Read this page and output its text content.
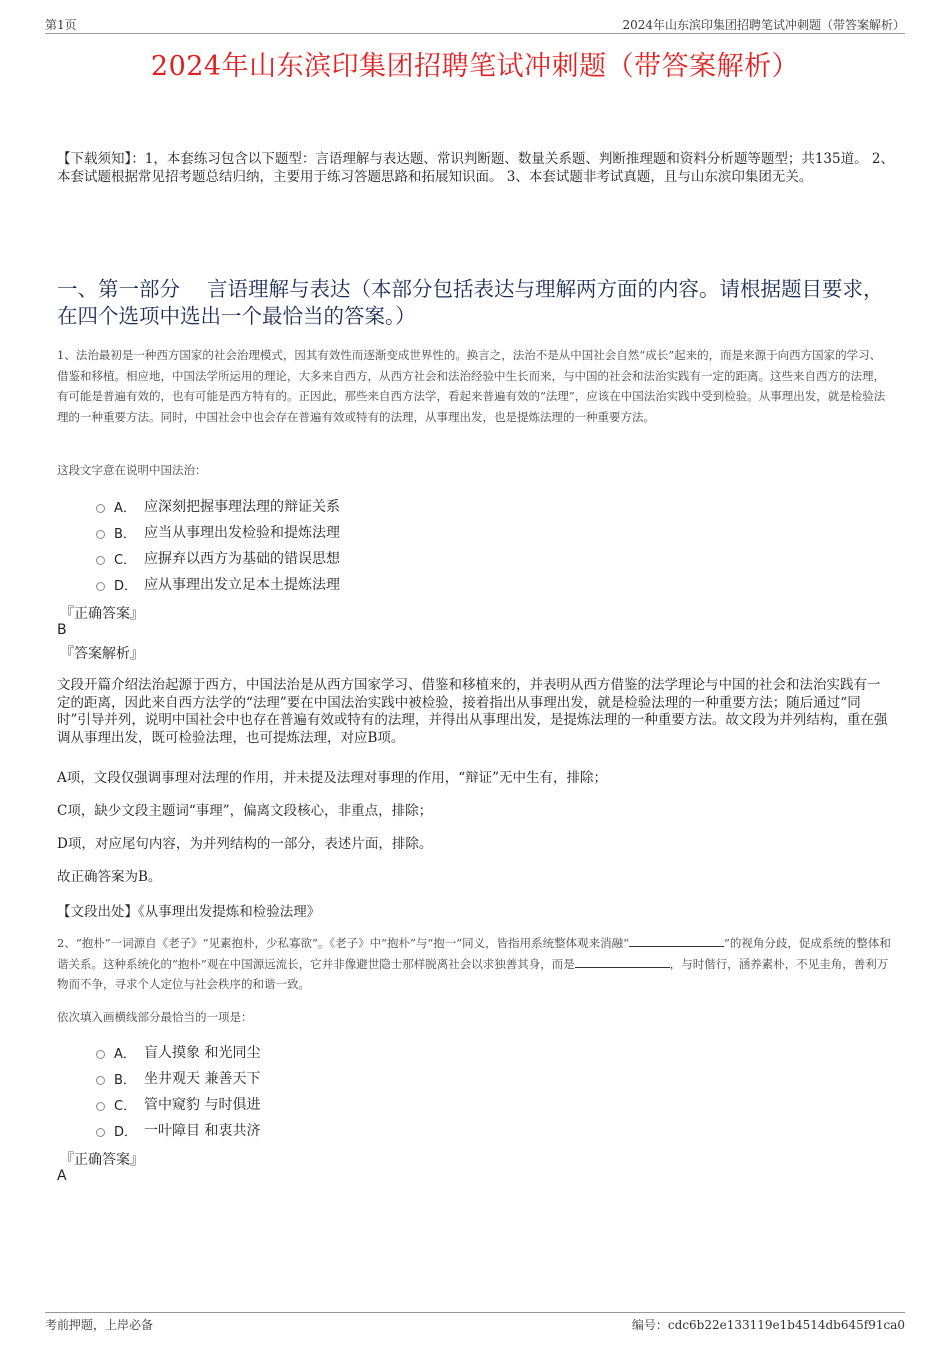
第1页	2024年山东滨印集团招聘笔试冲刺题（带答案解析）
2024年山东滨印集团招聘笔试冲刺题（带答案解析）
【下载须知】：1，本套练习包含以下题型：言语理解与表达题、常识判断题、数量关系题、判断推理题和资料分析题等题型；共135道。 2、本套试题根据常见招考题总结归纳，主要用于练习答题思路和拓展知识面。 3、本套试题非考试真题，且与山东滨印集团无关。
一、第一部分　 言语理解与表达（本部分包括表达与理解两方面的内容。请根据题目要求，在四个选项中选出一个最恰当的答案。）
1、法治最初是一种西方国家的社会治理模式，因其有效性而逐渐变成世界性的。换言之，法治不是从中国社会自然“成长”起来的，而是来源于向西方国家的学习、借鉴和移植。相应地，中国法学所运用的理论，大多来自西方，从西方社会和法治经验中生长而来，与中国的社会和法治实践有一定的距离。这些来自西方的法理，有可能是普遍有效的，也有可能是西方特有的。正因此，那些来自西方法学，看起来普遍有效的“法理”，应该在中国法治实践中受到检验。从事理出发，就是检验法理的一种重要方法。同时，中国社会中也会存在普遍有效或特有的法理，从事理出发，也是提炼法理的一种重要方法。
这段文字意在说明中国法治：
A． 应深刻把握事理法理的辩证关系
B． 应当从事理出发检验和提炼法理
C． 应摒弃以西方为基础的错误思想
D． 应从事理出发立足本土提炼法理
『正确答案』
B
『答案解析』
文段开篇介绍法治起源于西方，中国法治是从西方国家学习、借鉴和移植来的，并表明从西方借鉴的法学理论与中国的社会和法治实践有一定的距离，因此来自西方法学的“法理”要在中国法治实践中被检验，接着指出从事理出发，就是检验法理的一种重要方法；随后通过“同时”引导并列，说明中国社会中也存在普遍有效或特有的法理，并得出从事理出发，是提炼法理的一种重要方法。故文段为并列结构，重在强调从事理出发，既可检验法理，也可提炼法理，对应B项。
A项，文段仅强调事理对法理的作用，并未提及法理对事理的作用，“辩证”无中生有，排除；
C项，缺少文段主题词“事理”，偏离文段核心，非重点，排除；
D项，对应尾句内容，为并列结构的一部分，表述片面，排除。
故正确答案为B。
【文段出处】《从事理出发提炼和检验法理》
2、“抱朴”一词源自《老子》“见素抱朴，少私寡欲”。《老子》中“抱朴”与“抱一”同义，皆指用系统整体观来消融“	”的视角分歧，促成系统的整体和谐关系。这种系统化的“抱朴”观在中国源远流长，它并非像避世隐士那样脱离社会以求独善其身，而是	，与时偕行，涵养素朴，不见圭角，善利万物而不争，寻求个人定位与社会秩序的和谐一致。
依次填入画横线部分最恰当的一项是：
A． 盲人摸象 和光同尘
B． 坐井观天 兼善天下
C． 管中窥豹 与时俱进
D． 一叶障目 和衷共济
『正确答案』
A
考前押题，上岸必备	编号：cdc6b22e133119e1b4514db645f91ca0
